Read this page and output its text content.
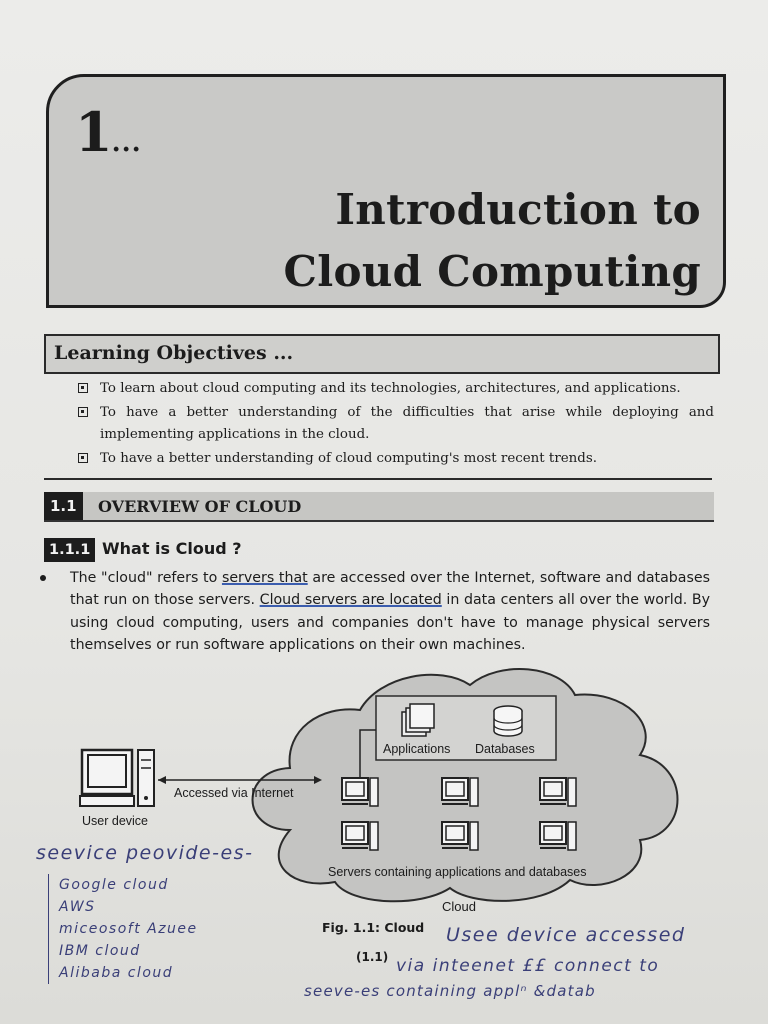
1...
Introduction to
Cloud Computing
Learning Objectives ...
To learn about cloud computing and its technologies, architectures, and applications.
To have a better understanding of the difficulties that arise while deploying and implementing applications in the cloud.
To have a better understanding of cloud computing's most recent trends.
1.1	OVERVIEW OF CLOUD
1.1.1 What is Cloud ?
The "cloud" refers to servers that are accessed over the Internet, software and databases that run on those servers. Cloud servers are located in data centers all over the world. By using cloud computing, users and companies don't have to manage physical servers themselves or run software applications on their own machines.
Applications Databases
Servers containing applications and databases
User device
Accessed via Internet
Cloud
Fig. 1.1: Cloud
(1.1)
seevice peovide-es-
Google cloud
AWS
miceosoft Azuee
IBM cloud
Alibaba cloud
Usee device accessed
via inteenet ££ connect to
seeve-es containing applⁿ &datab
